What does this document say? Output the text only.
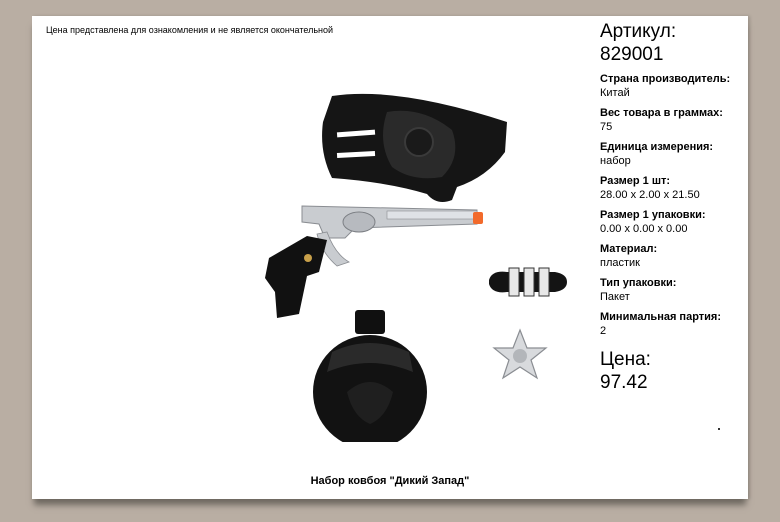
Цена представлена для ознакомления и не является окончательной	Артикул:
829001
Страна производитель:
Китай
Вес товара в граммах:
75
Единица измерения:
набор
Размер 1 шт:
28.00 x 2.00 x 21.50
Размер 1 упаковки:
0.00 x 0.00 x 0.00
Материал:
пластик
Тип упаковки:
Пакет
Минимальная партия:
2
Цена:
97.42
Набор ковбоя "Дикий Запад"
